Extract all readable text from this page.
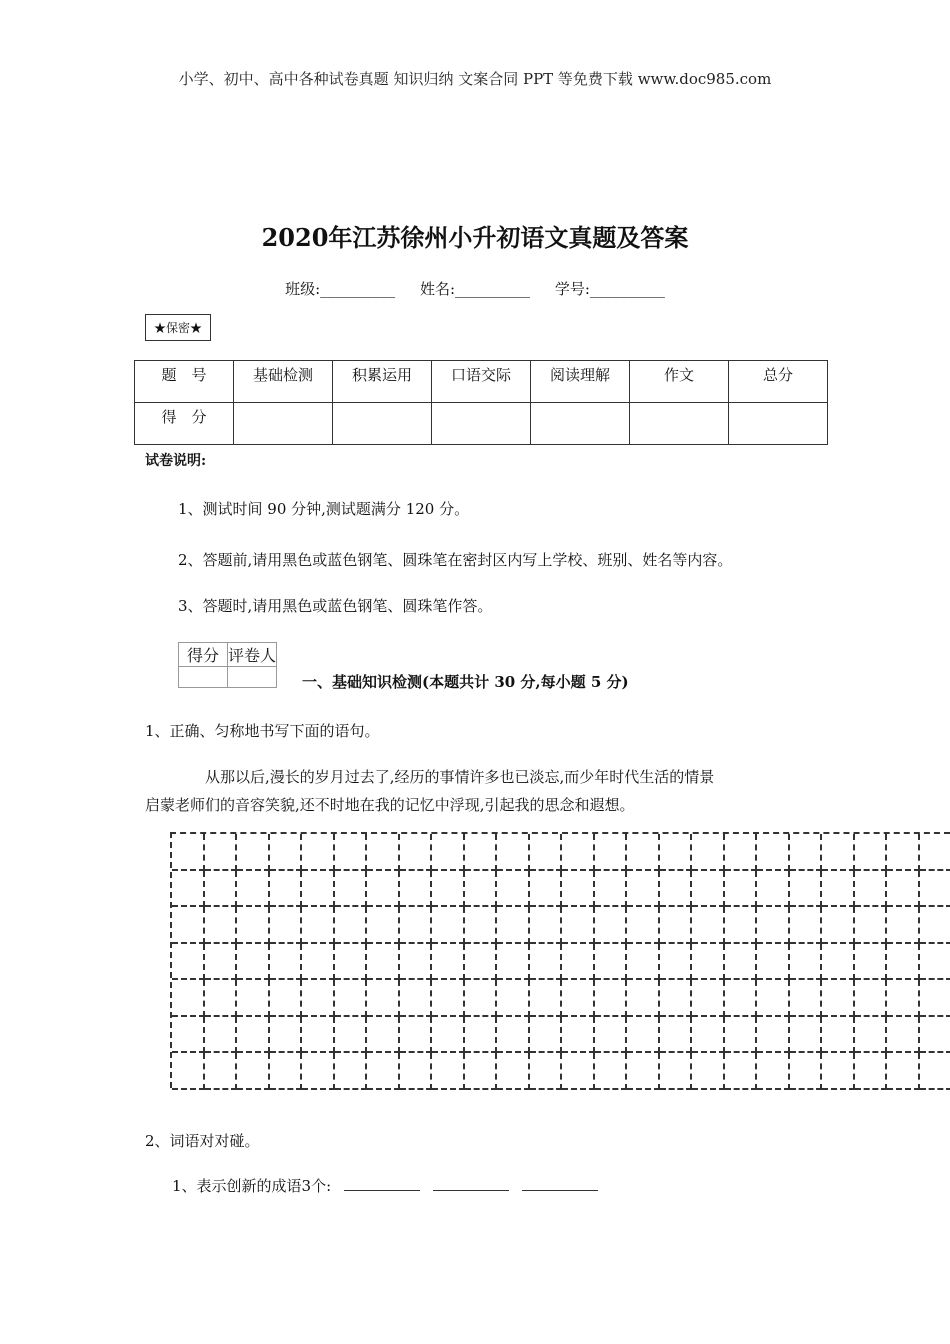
小学、初中、高中各种试卷真题 知识归纳 文案合同 PPT 等免费下载 www.doc985.com
2020年江苏徐州小升初语文真题及答案
班级:__________ 姓名:__________ 学号:__________
★保密★
题　号	基础检测	积累运用	口语交际	阅读理解	作文	总分
得　分						
试卷说明:
1、测试时间 90 分钟,测试题满分 120 分。
2、答题前,请用黑色或蓝色钢笔、圆珠笔在密封区内写上学校、班别、姓名等内容。
3、答题时,请用黑色或蓝色钢笔、圆珠笔作答。
得分	评卷人

一、基础知识检测(本题共计 30 分,每小题 5 分)
1、正确、匀称地书写下面的语句。
从那以后,漫长的岁月过去了,经历的事情许多也已淡忘,而少年时代生活的情景
启蒙老师们的音容笑貌,还不时地在我的记忆中浮现,引起我的思念和遐想。
2、词语对对碰。
1、表示创新的成语3个:
